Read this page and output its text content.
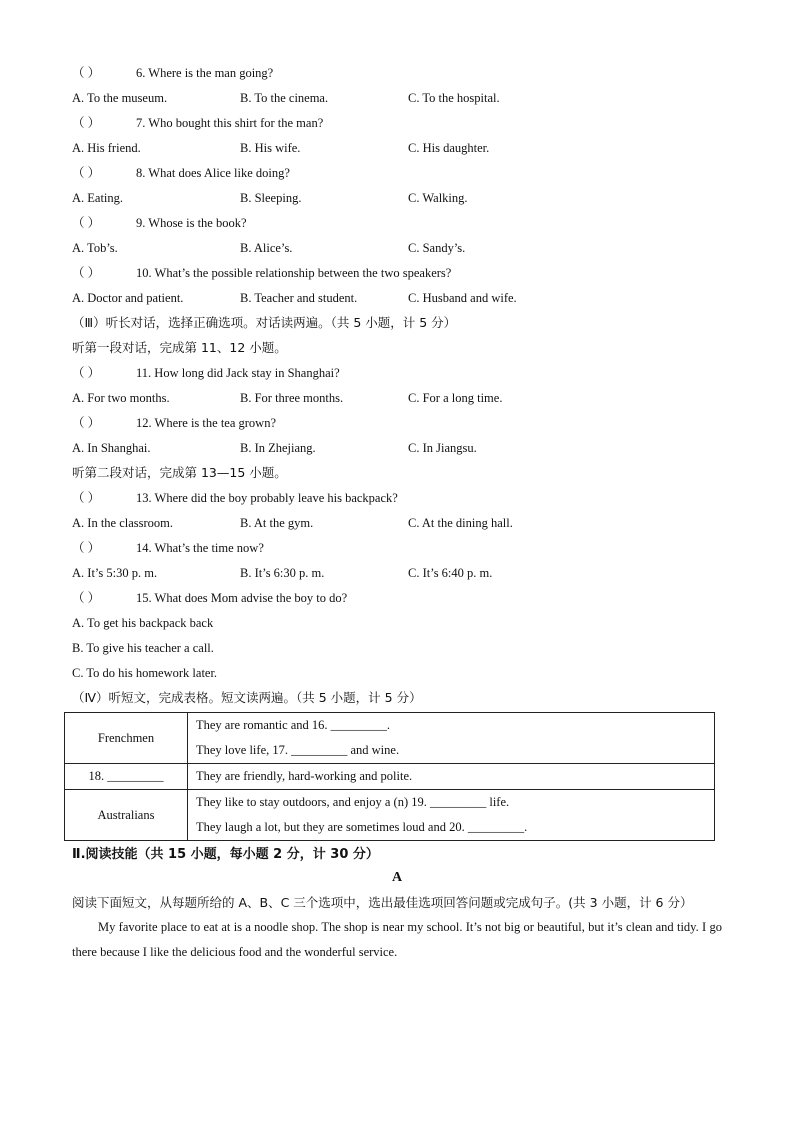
（ ）	6. Where is the man going?
A. To the museum.	B. To the cinema.	C. To the hospital.
（ ）	7. Who bought this shirt for the man?
A. His friend.	B. His wife.	C. His daughter.
（ ）	8. What does Alice like doing?
A. Eating.	B. Sleeping.	C. Walking.
（ ）	9. Whose is the book?
A. Tob’s.	B. Alice’s.	C. Sandy’s.
（ ）	10. What’s the possible relationship between the two speakers?
A. Doctor and patient.	B. Teacher and student.	C. Husband and wife.
（Ⅲ）听长对话，选择正确选项。对话读两遍。（共 5 小题，计 5 分）
听第一段对话，完成第 11、12 小题。
（ ）	11. How long did Jack stay in Shanghai?
A. For two months.	B. For three months.	C. For a long time.
（ ）	12. Where is the tea grown?
A. In Shanghai.	B. In Zhejiang.	C. In Jiangsu.
听第二段对话，完成第 13—15 小题。
（ ）	13. Where did the boy probably leave his backpack?
A. In the classroom.	B. At the gym.	C. At the dining hall.
（ ）	14. What’s the time now?
A. It’s 5:30 p. m.	B. It’s 6:30 p. m.	C. It’s 6:40 p. m.
（ ）	15. What does Mom advise the boy to do?
A. To get his backpack back
B. To give his teacher a call.
C. To do his homework later.
（Ⅳ）听短文，完成表格。短文读两遍。（共 5 小题，计 5 分）
Frenchmen	They are romantic and 16. _________.
They love life, 17. _________ and wine.

18. _________	They are friendly, hard-working and polite.

Australians	They like to stay outdoors, and enjoy a (n) 19. _________ life.
They laugh a lot, but they are sometimes loud and 20. _________.
Ⅱ.阅读技能（共 15 小题，每小题 2 分，计 30 分）
A
阅读下面短文，从每题所给的 A、B、C 三个选项中，选出最佳选项回答问题或完成句子。(共 3 小题，计 6 分）
My favorite place to eat at is a noodle shop. The shop is near my school. It’s not big or beautiful, but it’s clean and tidy. I go there because I like the delicious food and the wonderful service.
